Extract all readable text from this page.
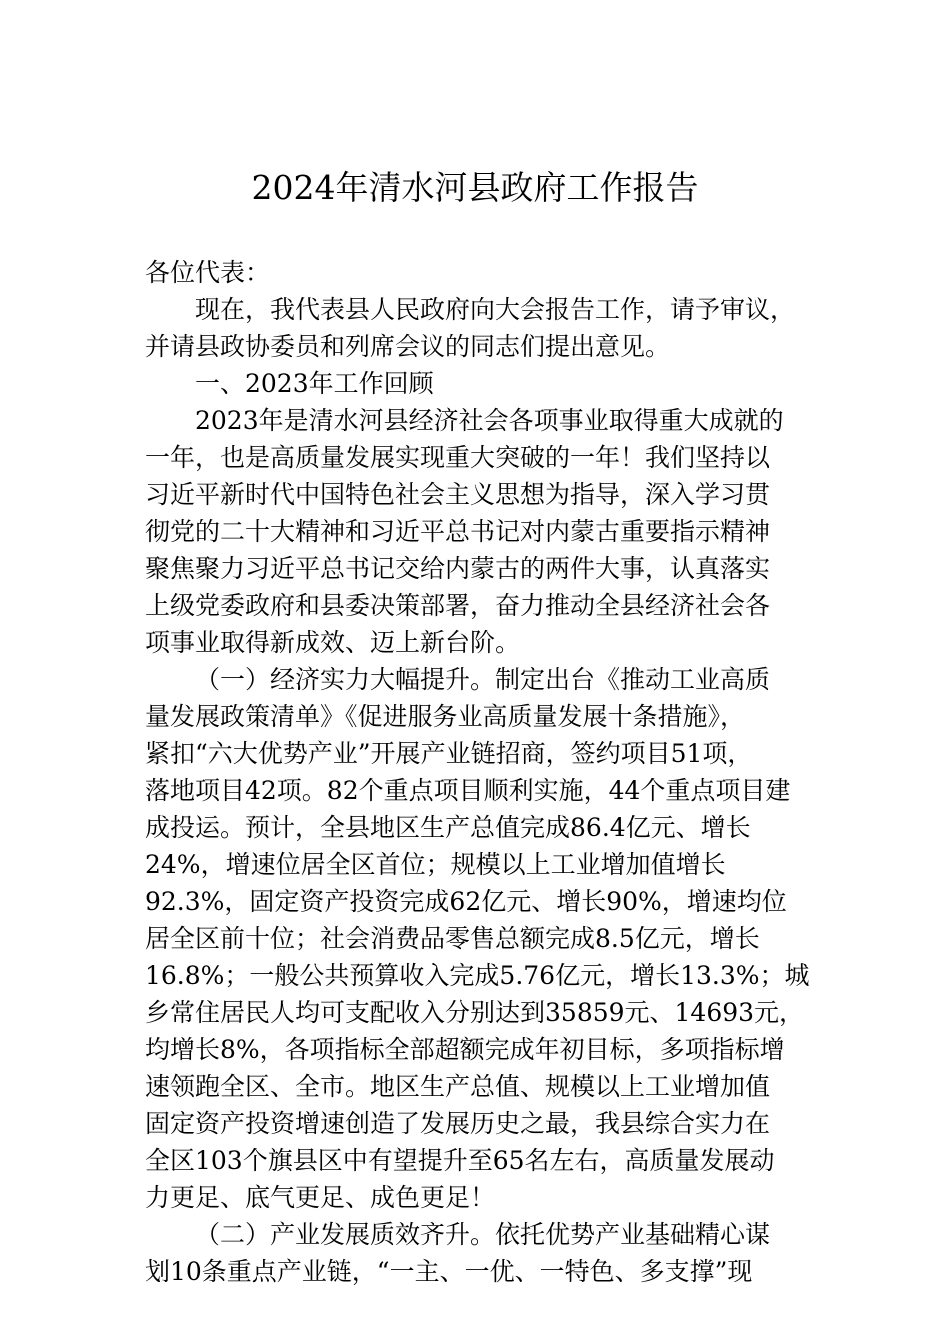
2024年清水河县政府工作报告
各位代表：
现在，我代表县人民政府向大会报告工作，请予审议，
并请县政协委员和列席会议的同志们提出意见。
一、2023年工作回顾
2023年是清水河县经济社会各项事业取得重大成就的
一年，也是高质量发展实现重大突破的一年！我们坚持以
习近平新时代中国特色社会主义思想为指导，深入学习贯
彻党的二十大精神和习近平总书记对内蒙古重要指示精神
聚焦聚力习近平总书记交给内蒙古的两件大事，认真落实
上级党委政府和县委决策部署，奋力推动全县经济社会各
项事业取得新成效、迈上新台阶。
（一）经济实力大幅提升。制定出台《推动工业高质
量发展政策清单》《促进服务业高质量发展十条措施》，
紧扣“六大优势产业”开展产业链招商，签约项目51项，
落地项目42项。82个重点项目顺利实施，44个重点项目建
成投运。预计，全县地区生产总值完成86.4亿元、增长
24%，增速位居全区首位；规模以上工业增加值增长
92.3%，固定资产投资完成62亿元、增长90%，增速均位
居全区前十位；社会消费品零售总额完成8.5亿元，增长
16.8%；一般公共预算收入完成5.76亿元，增长13.3%；城
乡常住居民人均可支配收入分别达到35859元、14693元，
均增长8%，各项指标全部超额完成年初目标，多项指标增
速领跑全区、全市。地区生产总值、规模以上工业增加值
固定资产投资增速创造了发展历史之最，我县综合实力在
全区103个旗县区中有望提升至65名左右，高质量发展动
力更足、底气更足、成色更足！
（二）产业发展质效齐升。依托优势产业基础精心谋
划10条重点产业链，“一主、一优、一特色、多支撑”现
